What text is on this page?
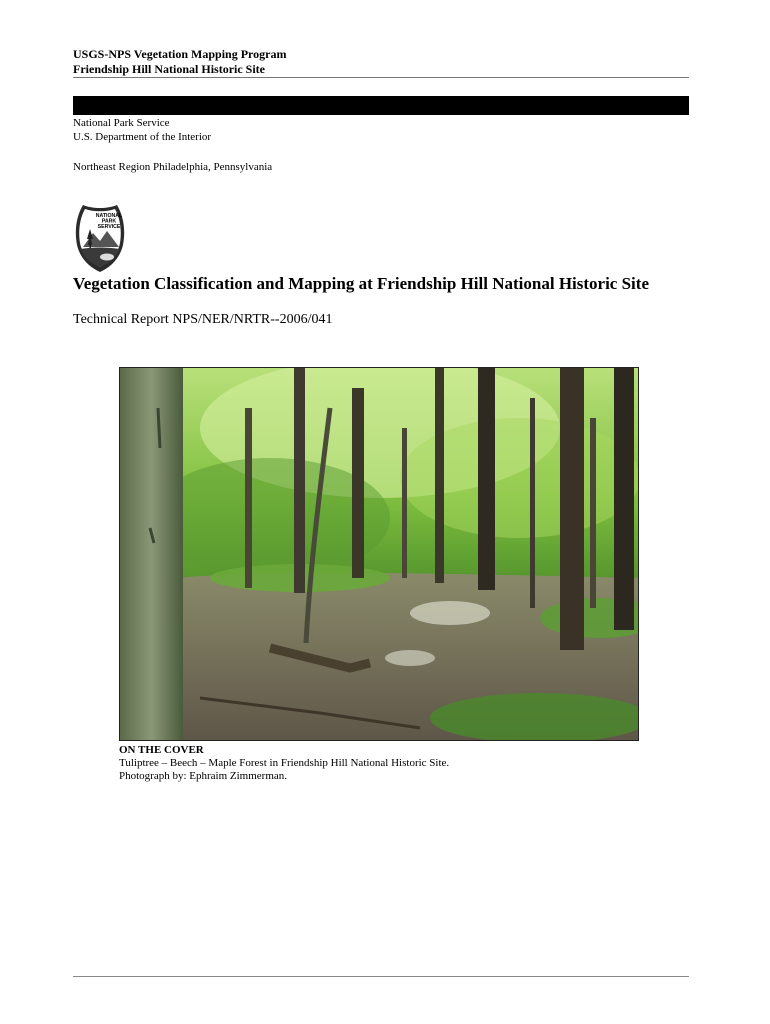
USGS-NPS Vegetation Mapping Program
Friendship Hill National Historic Site
National Park Service
U.S. Department of the Interior
Northeast Region Philadelphia, Pennsylvania
NATIONAL
PARK
SERVICE
Vegetation Classification and Mapping at Friendship Hill National Historic Site
Technical Report NPS/NER/NRTR--2006/041
ON THE COVER
Tuliptree – Beech – Maple Forest in Friendship Hill National Historic Site.
Photograph by: Ephraim Zimmerman.
